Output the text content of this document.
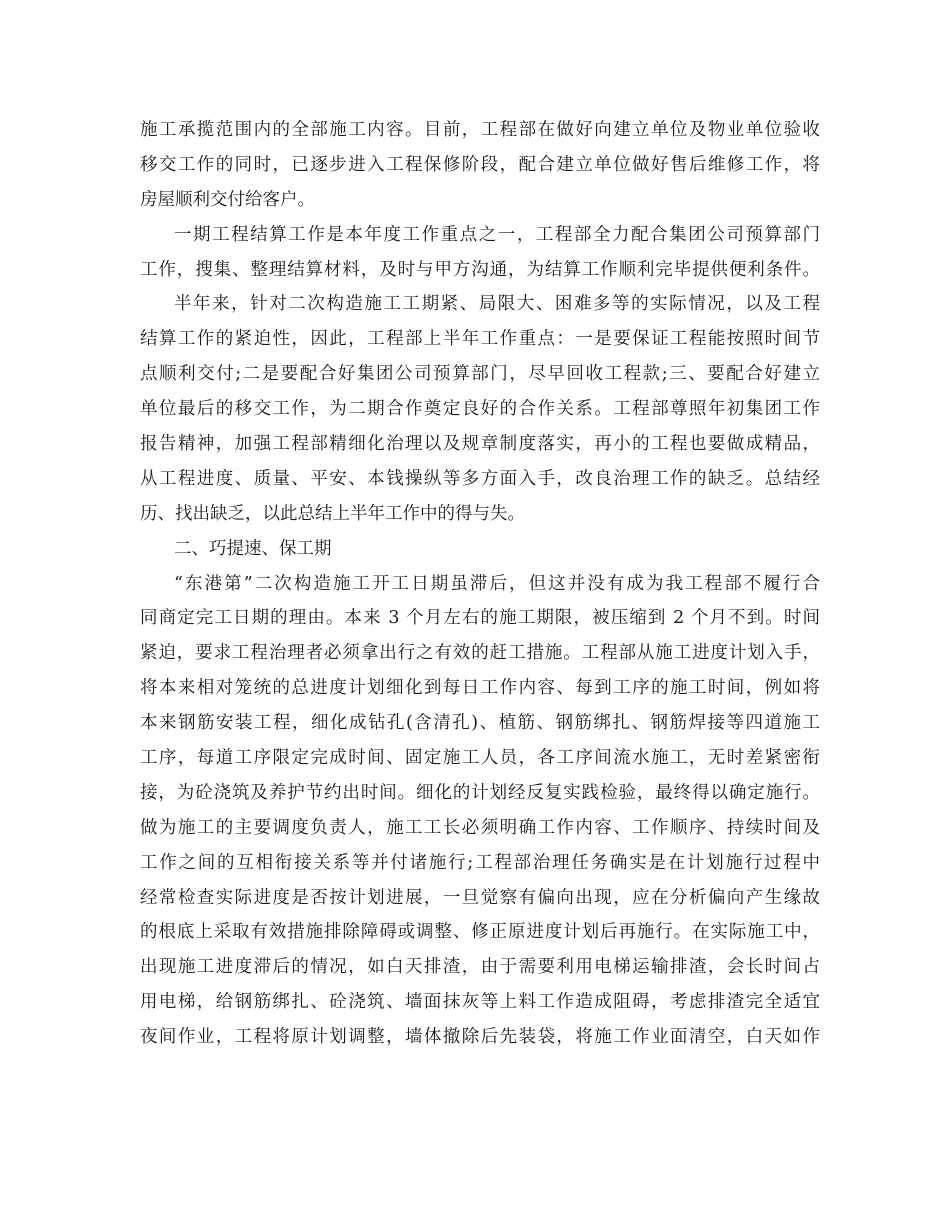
施工承揽范围内的全部施工内容。目前，工程部在做好向建立单位及物业单位验收

移交工作的同时，已逐步进入工程保修阶段，配合建立单位做好售后维修工作，将

房屋顺利交付给客户。

一期工程结算工作是本年度工作重点之一，工程部全力配合集团公司预算部门

工作，搜集、整理结算材料，及时与甲方沟通，为结算工作顺利完毕提供便利条件。

半年来，针对二次构造施工工期紧、局限大、困难多等的实际情况，以及工程

结算工作的紧迫性，因此，工程部上半年工作重点：一是要保证工程能按照时间节

点顺利交付;二是要配合好集团公司预算部门，尽早回收工程款;三、要配合好建立

单位最后的移交工作，为二期合作奠定良好的合作关系。工程部尊照年初集团工作

报告精神，加强工程部精细化治理以及规章制度落实，再小的工程也要做成精品，

从工程进度、质量、平安、本钱操纵等多方面入手，改良治理工作的缺乏。总结经

历、找出缺乏，以此总结上半年工作中的得与失。

二、巧提速、保工期

“东港第”二次构造施工开工日期虽滞后，但这并没有成为我工程部不履行合

同商定完工日期的理由。本来 3 个月左右的施工期限，被压缩到 2 个月不到。时间

紧迫，要求工程治理者必须拿出行之有效的赶工措施。工程部从施工进度计划入手，

将本来相对笼统的总进度计划细化到每日工作内容、每到工序的施工时间，例如将

本来钢筋安装工程，细化成钻孔(含清孔)、植筋、钢筋绑扎、钢筋焊接等四道施工

工序，每道工序限定完成时间、固定施工人员，各工序间流水施工，无时差紧密衔

接，为砼浇筑及养护节约出时间。细化的计划经反复实践检验，最终得以确定施行。

做为施工的主要调度负责人，施工工长必须明确工作内容、工作顺序、持续时间及

工作之间的互相衔接关系等并付诸施行;工程部治理任务确实是在计划施行过程中

经常检查实际进度是否按计划进展，一旦觉察有偏向出现，应在分析偏向产生缘故

的根底上采取有效措施排除障碍或调整、修正原进度计划后再施行。在实际施工中，

出现施工进度滞后的情况，如白天排渣，由于需要利用电梯运输排渣，会长时间占

用电梯，给钢筋绑扎、砼浇筑、墙面抹灰等上料工作造成阻碍，考虑排渣完全适宜

夜间作业，工程将原计划调整，墙体撤除后先装袋，将施工作业面清空，白天如作
